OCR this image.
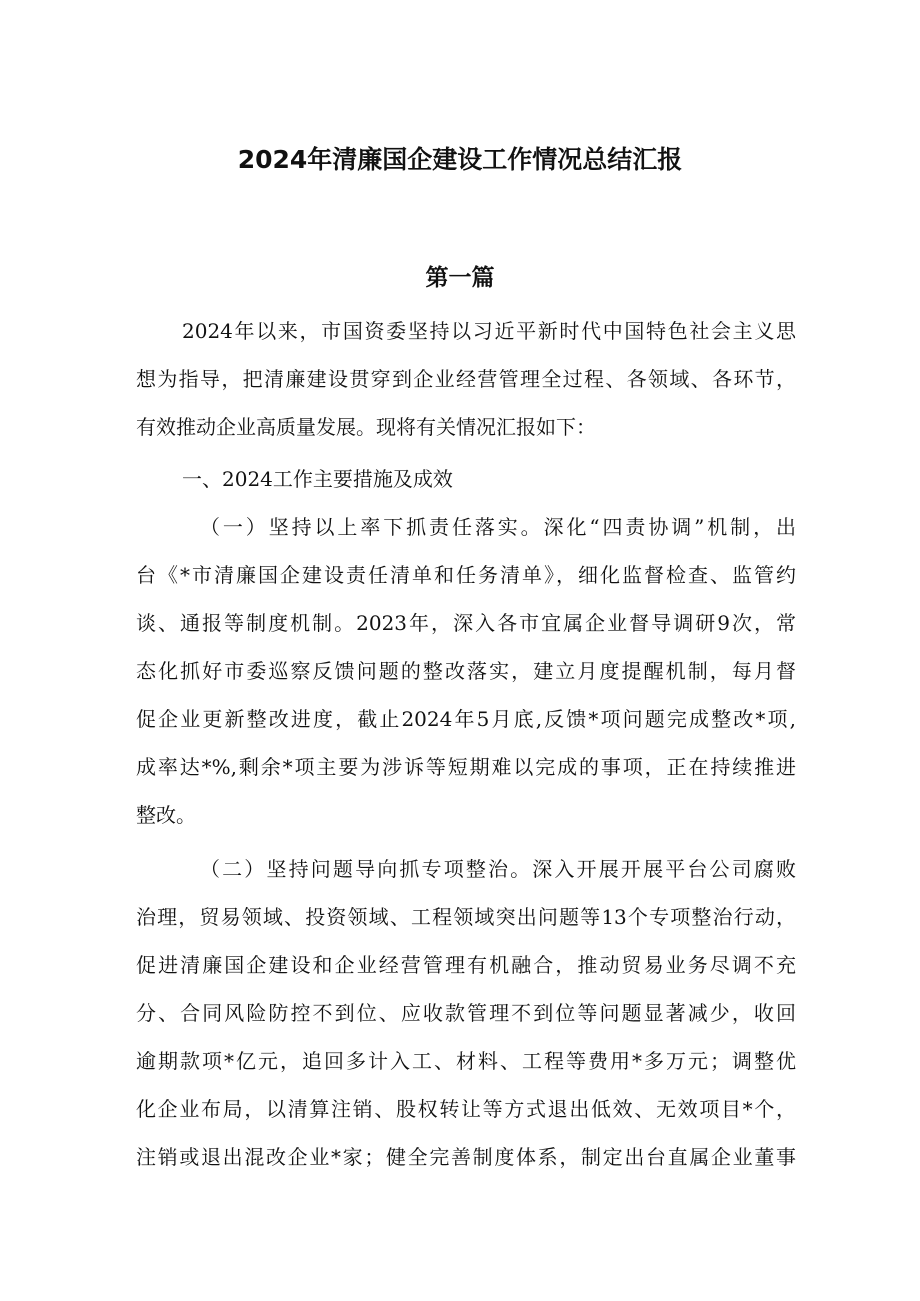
2024年清廉国企建设工作情况总结汇报
第一篇

2024年以来，市国资委坚持以习近平新时代中国特色社会主义思

想为指导，把清廉建设贯穿到企业经营管理全过程、各领域、各环节，

有效推动企业高质量发展。现将有关情况汇报如下：

一、2024工作主要措施及成效

（一）坚持以上率下抓责任落实。深化“四责协调”机制，出

台《*市清廉国企建设责任清单和任务清单》，细化监督检查、监管约

谈、通报等制度机制。2023年，深入各市宜属企业督导调研9次，常

态化抓好市委巡察反馈问题的整改落实，建立月度提醒机制，每月督

促企业更新整改进度，截止2024年5月底,反馈*项问题完成整改*项,

成率达*%,剩余*项主要为涉诉等短期难以完成的事项，正在持续推进

整改。

（二）坚持问题导向抓专项整治。深入开展开展平台公司腐败

治理，贸易领域、投资领域、工程领域突出问题等13个专项整治行动，

促进清廉国企建设和企业经营管理有机融合，推动贸易业务尽调不充

分、合同风险防控不到位、应收款管理不到位等问题显著减少，收回

逾期款项*亿元，追回多计入工、材料、工程等费用*多万元；调整优

化企业布局，以清算注销、股权转让等方式退出低效、无效项目*个，

注销或退出混改企业*家；健全完善制度体系，制定出台直属企业董事
